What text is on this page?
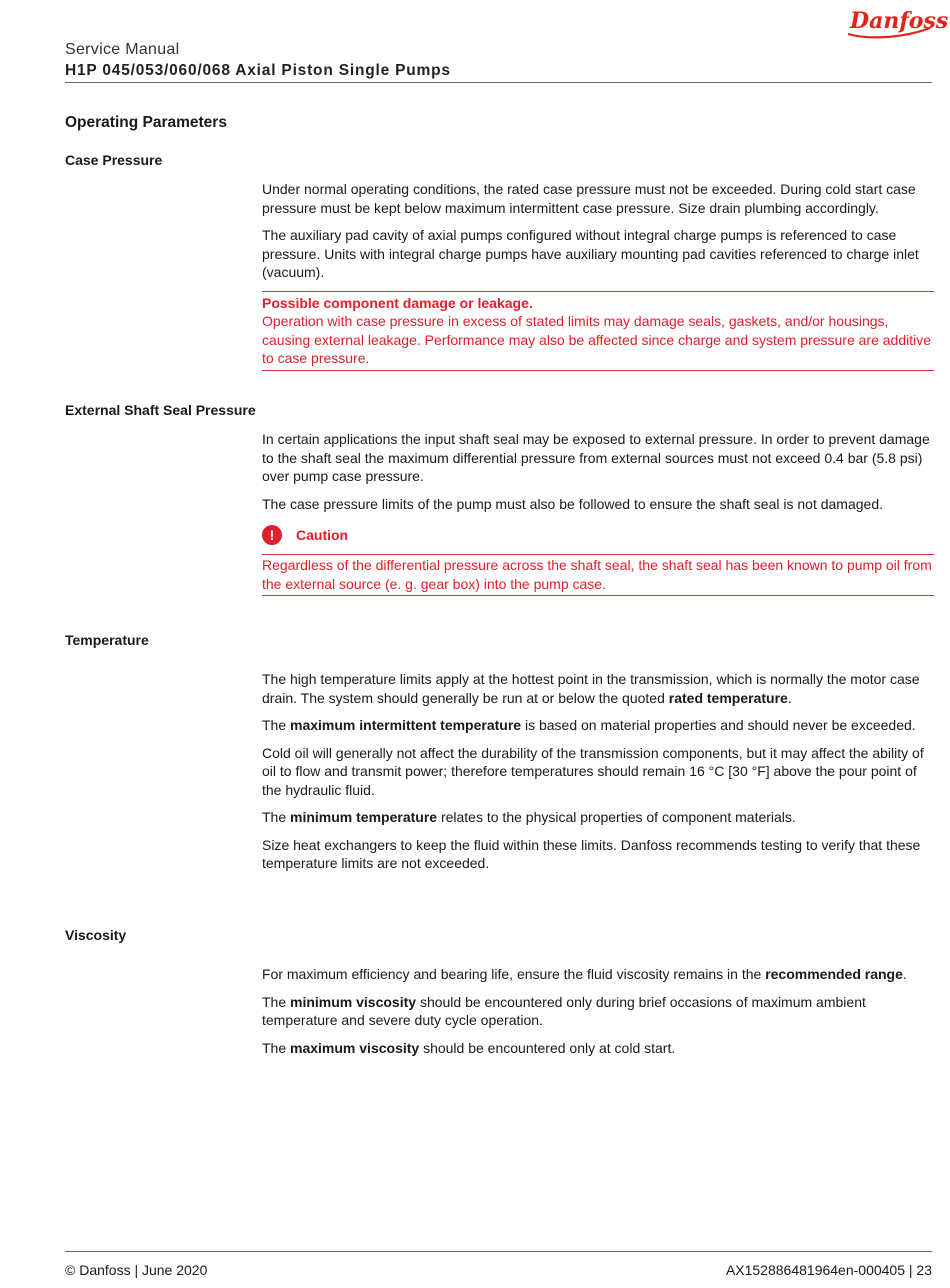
Danfoss
Service Manual
H1P 045/053/060/068 Axial Piston Single Pumps
Operating Parameters
Case Pressure

Under normal operating conditions, the rated case pressure must not be exceeded. During cold start case pressure must be kept below maximum intermittent case pressure. Size drain plumbing accordingly.

The auxiliary pad cavity of axial pumps configured without integral charge pumps is referenced to case pressure. Units with integral charge pumps have auxiliary mounting pad cavities referenced to charge inlet (vacuum).

Possible component damage or leakage.
Operation with case pressure in excess of stated limits may damage seals, gaskets, and/or housings, causing external leakage. Performance may also be affected since charge and system pressure are additive to case pressure.
External Shaft Seal Pressure

In certain applications the input shaft seal may be exposed to external pressure. In order to prevent damage to the shaft seal the maximum differential pressure from external sources must not exceed 0.4 bar (5.8 psi) over pump case pressure.

The case pressure limits of the pump must also be followed to ensure the shaft seal is not damaged.

!	Caution
Regardless of the differential pressure across the shaft seal, the shaft seal has been known to pump oil from the external source (e. g. gear box) into the pump case.
Temperature

The high temperature limits apply at the hottest point in the transmission, which is normally the motor case drain. The system should generally be run at or below the quoted rated temperature.

The maximum intermittent temperature is based on material properties and should never be exceeded.

Cold oil will generally not affect the durability of the transmission components, but it may affect the ability of oil to flow and transmit power; therefore temperatures should remain 16 °C [30 °F] above the pour point of the hydraulic fluid.

The minimum temperature relates to the physical properties of component materials.

Size heat exchangers to keep the fluid within these limits. Danfoss recommends testing to verify that these temperature limits are not exceeded.

Viscosity

For maximum efficiency and bearing life, ensure the fluid viscosity remains in the recommended range.

The minimum viscosity should be encountered only during brief occasions of maximum ambient temperature and severe duty cycle operation.

The maximum viscosity should be encountered only at cold start.

© Danfoss | June 2020	AX152886481964en-000405 | 23
